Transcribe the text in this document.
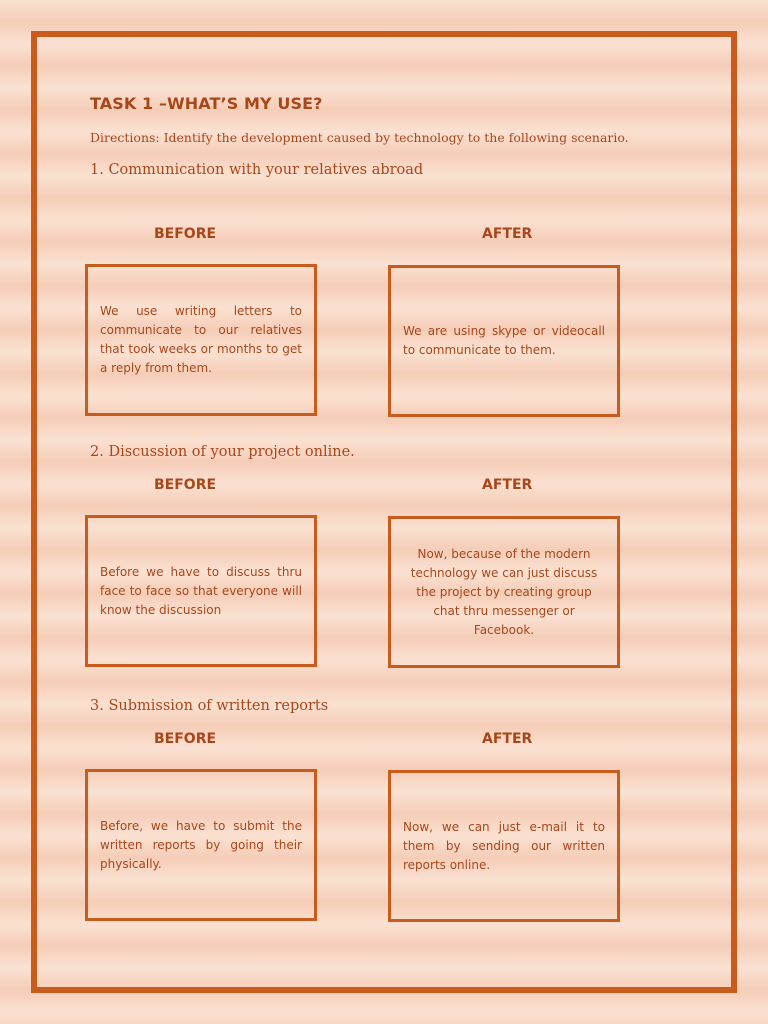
TASK 1 –WHAT’S MY USE?

Directions: Identify the development caused by technology to the following scenario.

1. Communication with your relatives abroad

BEFORE	AFTER

We use writing letters to communicate to our relatives that took weeks or months to get a reply from them.

We are using skype or videocall to communicate to them.

2. Discussion of your project online.

BEFORE	AFTER

Before we have to discuss thru face to face so that everyone will know the discussion

Now, because of the modern technology we can just discuss the project by creating group chat thru messenger or Facebook.

3. Submission of written reports

BEFORE	AFTER

Before, we have to submit the written reports by going their physically.

Now, we can just e-mail it to them by sending our written reports online.
